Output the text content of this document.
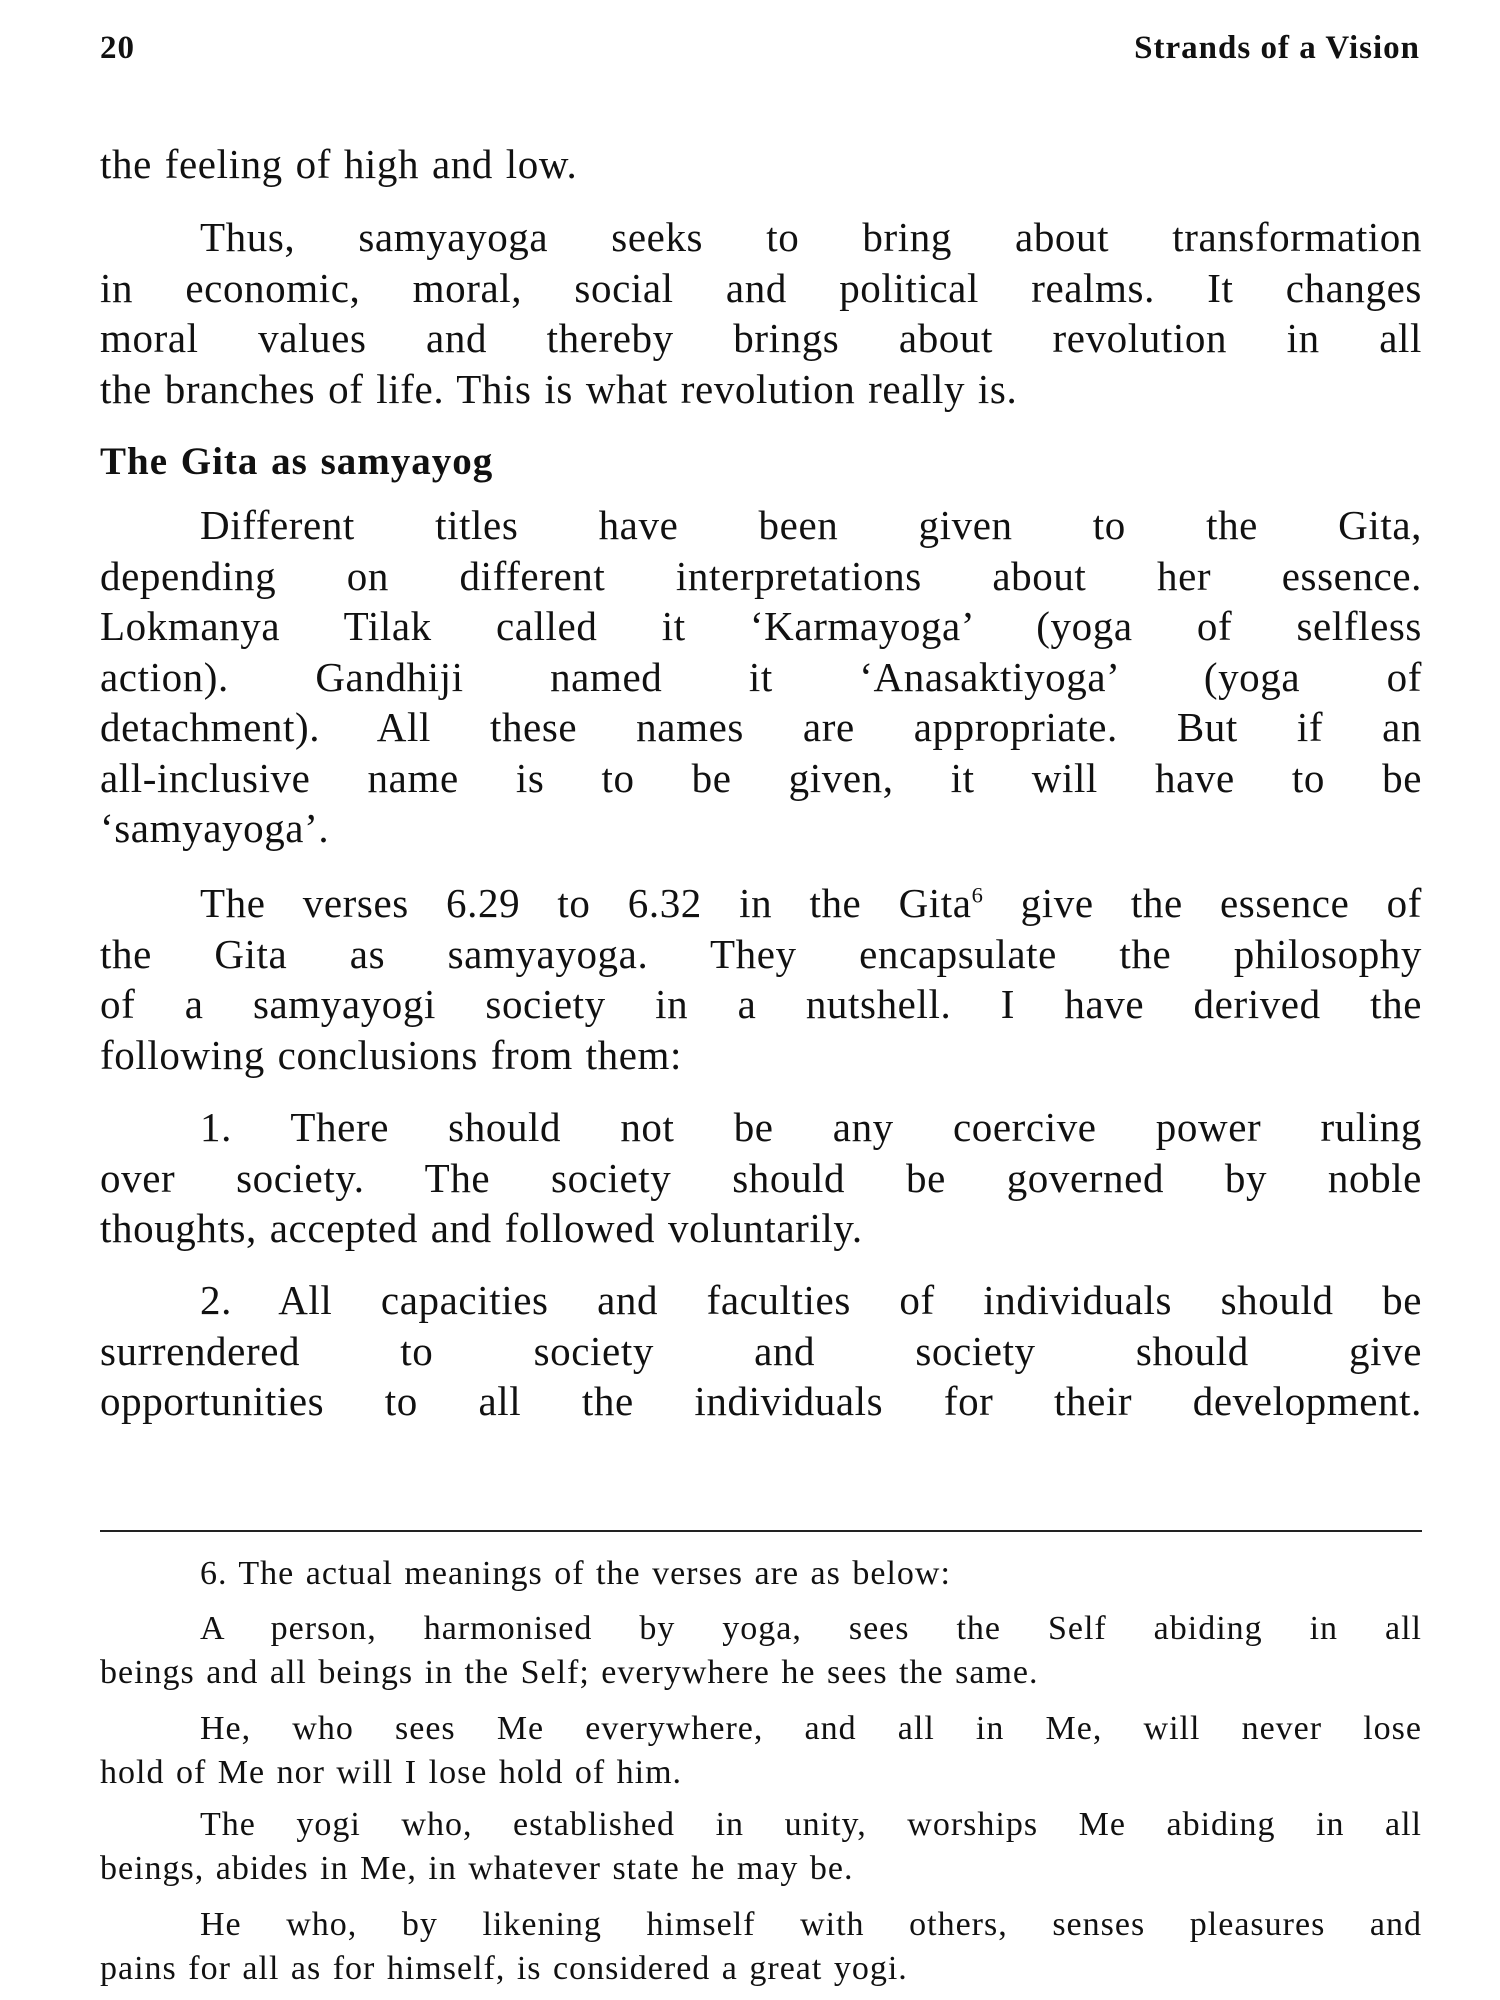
20	Strands of a Vision
the feeling of high and low.
Thus, samyayoga seeks to bring about transformation
in economic, moral, social and political realms. It changes
moral values and thereby brings about revolution in all
the branches of life. This is what revolution really is.
The Gita as samyayog
Different titles have been given to the Gita,
depending on different interpretations about her essence.
Lokmanya Tilak called it ‘Karmayoga’ (yoga of selfless
action). Gandhiji named it ‘Anasaktiyoga’ (yoga of
detachment). All these names are appropriate. But if an
all-inclusive name is to be given, it will have to be
‘samyayoga’.
The verses 6.29 to 6.32 in the Gita$^6$ give the essence of
the Gita as samyayoga. They encapsulate the philosophy
of a samyayogi society in a nutshell. I have derived the
following conclusions from them:
1. There should not be any coercive power ruling
over society. The society should be governed by noble
thoughts, accepted and followed voluntarily.
2. All capacities and faculties of individuals should be
surrendered to society and society should give
opportunities to all the individuals for their development.
6. The actual meanings of the verses are as below:
A person, harmonised by yoga, sees the Self abiding in all
beings and all beings in the Self; everywhere he sees the same.
He, who sees Me everywhere, and all in Me, will never lose
hold of Me nor will I lose hold of him.
The yogi who, established in unity, worships Me abiding in all
beings, abides in Me, in whatever state he may be.
He who, by likening himself with others, senses pleasures and
pains for all as for himself, is considered a great yogi.
